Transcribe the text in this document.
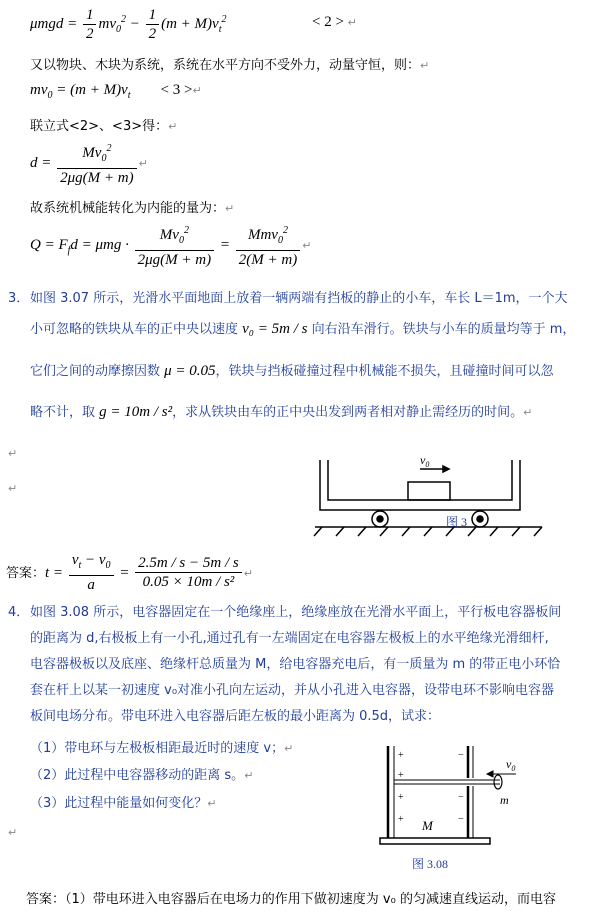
$\mu mgd = \frac{1}{2} mv_0^2 - \frac{1}{2} (m + M)v_t^2$	< 2 > ↵
又以物块、木块为系统，系统在水平方向不受外力，动量守恒，则：↵
$mv_0 = (m + M)v_t < 3$ >↵
联立式<2>、<3>得：↵
$d = \frac{Mv_0^2}{2\mu g(M + m)}$ ↵
故系统机械能转化为内能的量为：↵
$Q = F_fd = \mu mg \cdot \frac{Mv_0^2}{2\mu g(M + m)} = \frac{Mmv_0^2}{2(M + m)}$ ↵
3． 如图 3.07 所示，光滑水平面地面上放着一辆两端有挡板的静止的小车，车长 L＝1m，一个大
小可忽略的铁块从车的正中央以速度 v₀ = 5m / s 向右沿车滑行。铁块与小车的质量均等于 m，
它们之间的动摩擦因数 μ = 0.05，铁块与挡板碰撞过程中机械能不损失，且碰撞时间可以忽
略不计，取 g = 10m / s²，求从铁块由车的正中央出发到两者相对静止需经历的时间。↵
↵
↵
$v_0$
图 3
答案：$t = \frac{v_t - v_0}{a} = \frac{2.5m / s - 5m / s}{\text{0.05 × 10m / s²}}$ ↵
4． 如图 3.08 所示，电容器固定在一个绝缘座上，绝缘座放在光滑水平面上，平行板电容器板间
的距离为 d,右极板上有一小孔,通过孔有一左端固定在电容器左极板上的水平绝缘光滑细杆,
电容器极板以及底座、绝缘杆总质量为 M，给电容器充电后，有一质量为 m 的带正电小环恰
套在杆上以某一初速度 v₀对准小孔向左运动，并从小孔进入电容器，设带电环不影响电容器
板间电场分布。带电环进入电容器后距左板的最小距离为 0.5d，试求：
（1）带电环与左极板相距最近时的速度 v；↵
（2）此过程中电容器移动的距离 s。↵
（3）此过程中能量如何变化？↵
↵
+
+
+
+
−
−
−
$v_0$
m
M
图 3.08
答案：（1）带电环进入电容器后在电场力的作用下做初速度为 v₀ 的匀减速直线运动，而电容
